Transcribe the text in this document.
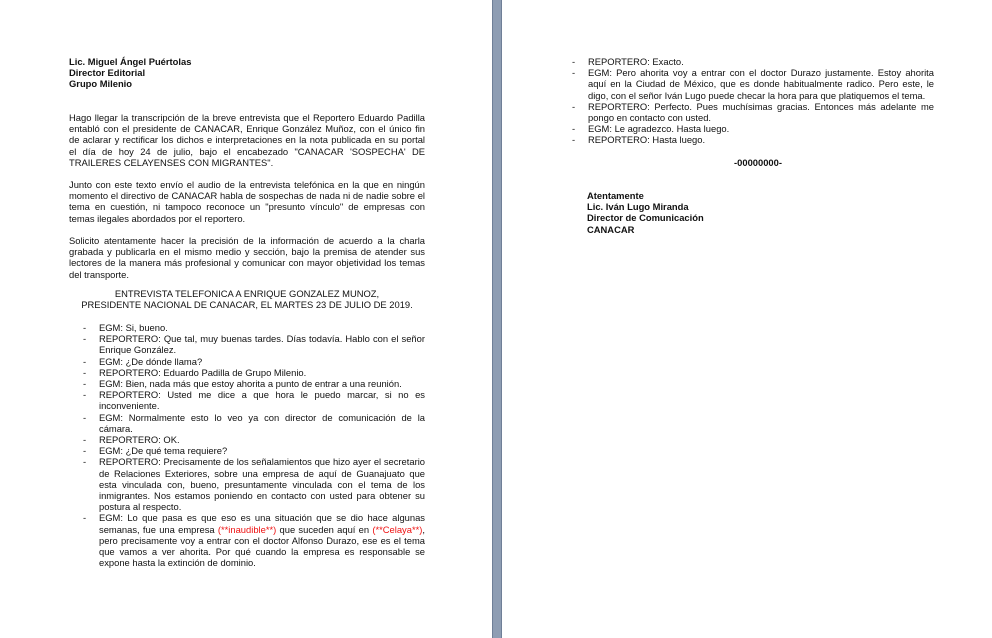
Lic. Miguel Ángel Puértolas
Director Editorial
Grupo Milenio

Hago llegar la transcripción de la breve entrevista que el Reportero Eduardo Padilla entabló con el presidente de CANACAR, Enrique González Muñoz, con el único fin de aclarar y rectificar los dichos e interpretaciones en la nota publicada en su portal el día de hoy 24 de julio, bajo el encabezado "CANACAR 'SOSPECHA' DE TRAILERES CELAYENSES CON MIGRANTES".

Junto con este texto envío el audio de la entrevista telefónica en la que en ningún momento el directivo de CANACAR habla de sospechas de nada ni de nadie sobre el tema en cuestión, ni tampoco reconoce un "presunto vínculo" de empresas con temas ilegales abordados por el reportero.

Solicito atentamente hacer la precisión de la información de acuerdo a la charla grabada y publicarla en el mismo medio y sección, bajo la premisa de atender sus lectores de la manera más profesional y comunicar con mayor objetividad los temas del transporte.

ENTREVISTA TELEFONICA A ENRIQUE GONZALEZ MUNOZ,
PRESIDENTE NACIONAL DE CANACAR, EL MARTES 23 DE JULIO DE 2019.
- EGM: Si, bueno.
- REPORTERO: Que tal, muy buenas tardes. Días todavía. Hablo con el señor Enrique González.
- EGM: ¿De dónde llama?
- REPORTERO: Eduardo Padilla de Grupo Milenio.
- EGM: Bien, nada más que estoy ahorita a punto de entrar a una reunión.
- REPORTERO: Usted me dice a que hora le puedo marcar, si no es inconveniente.
- EGM: Normalmente esto lo veo ya con director de comunicación de la cámara.
- REPORTERO: OK.
- EGM: ¿De qué tema requiere?
- REPORTERO: Precisamente de los señalamientos que hizo ayer el secretario de Relaciones Exteriores, sobre una empresa de aquí de Guanajuato que esta vinculada con, bueno, presuntamente vinculada con el tema de los inmigrantes. Nos estamos poniendo en contacto con usted para obtener su postura al respecto.
- EGM: Lo que pasa es que eso es una situación que se dio hace algunas semanas, fue una empresa (**inaudible**) que suceden aquí en (**Celaya**), pero precisamente voy a entrar con el doctor Alfonso Durazo, ese es el tema que vamos a ver ahorita. Por qué cuando la empresa es responsable se expone hasta la extinción de dominio.
- REPORTERO: Exacto.
- EGM: Pero ahorita voy a entrar con el doctor Durazo justamente. Estoy ahorita aquí en la Ciudad de México, que es donde habitualmente radico. Pero este, le digo, con el señor Iván Lugo puede checar la hora para que platiquemos el tema.
- REPORTERO: Perfecto. Pues muchísimas gracias. Entonces más adelante me pongo en contacto con usted.
- EGM: Le agradezco. Hasta luego.
- REPORTERO: Hasta luego.
-00000000-
Atentamente
Lic. Iván Lugo Miranda
Director de Comunicación
CANACAR
